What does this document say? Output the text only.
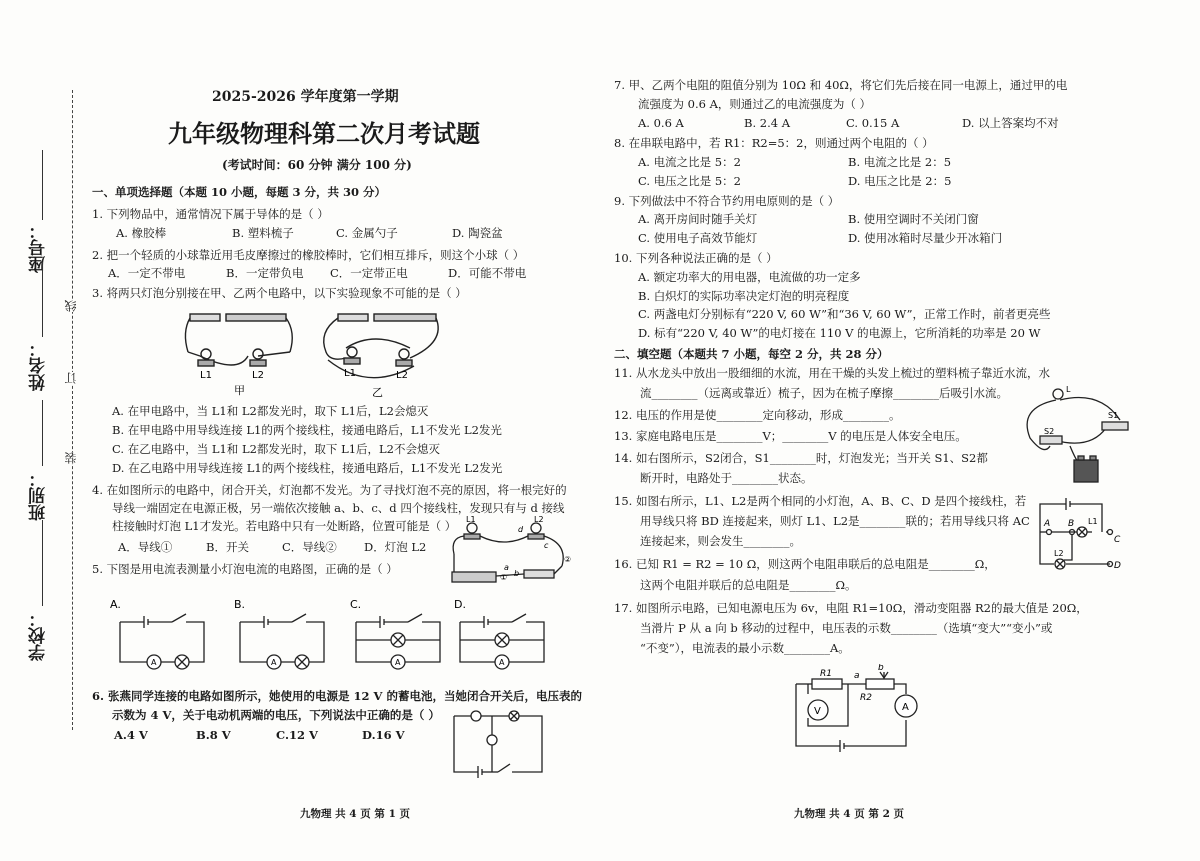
座号：
姓名：
班别：
学校：
线
订
装
2025-2026 学年度第一学期
九年级物理科第二次月考试题
(考试时间：60 分钟 满分 100 分)
一、单项选择题（本题 10 小题，每题 3 分，共 30 分）
1. 下列物品中，通常情况下属于导体的是（ ）
A. 橡胶棒	B. 塑料梳子	C. 金属勺子	D. 陶瓷盆
2. 把一个轻质的小球靠近用毛皮摩擦过的橡胶棒时，它们相互排斥，则这个小球（ ）
A．一定不带电	B．一定带负电 C．一定带正电	D．可能不带电
3. 将两只灯泡分别接在甲、乙两个电路中，以下实验现象不可能的是（ ）
L1	L2
甲
L1	L2
乙
A. 在甲电路中，当 L1和 L2都发光时，取下 L1后，L2会熄灭
B. 在甲电路中用导线连接 L1的两个接线柱，接通电路后，L1不发光 L2发光
C. 在乙电路中，当 L1和 L2都发光时，取下 L1后，L2不会熄灭
D. 在乙电路中用导线连接 L1的两个接线柱，接通电路后，L1不发光 L2发光
4. 在如图所示的电路中，闭合开关，灯泡都不发光。为了寻找灯泡不亮的原因，将一根完好的
导线一端固定在电源正极，另一端依次接触 a、b、c、d 四个接线柱，发现只有与 d 接线
柱接触时灯泡 L1才发光。若电路中只有一处断路，位置可能是（ ）
A．导线①	B．开关	C．导线② D．灯泡 L2
L1	L2
a
b
d
c
①
②
5. 下图是用电流表测量小灯泡电流的电路图，正确的是（ ）
A.	B.	C.	D.
A	A	A	A
6. 张燕同学连接的电路如图所示，她使用的电源是 12 V 的蓄电池，当她闭合开关后，电压表的
示数为 4 V，关于电动机两端的电压，下列说法中正确的是（ ）
A.4 V	B.8 V	C.12 V	D.16 V
九物理 共 4 页 第 1 页
7. 甲、乙两个电阻的阻值分别为 10Ω 和 40Ω，将它们先后接在同一电源上，通过甲的电
流强度为 0.6 A，则通过乙的电流强度为（ ）
A. 0.6 A	B. 2.4 A	C. 0.15 A	D. 以上答案均不对
8. 在串联电路中，若 R1：R2=5：2，则通过两个电阻的（ ）
A. 电流之比是 5：2	B. 电流之比是 2：5
C. 电压之比是 5：2	D. 电压之比是 2：5
9. 下列做法中不符合节约用电原则的是（ ）
A. 离开房间时随手关灯	B. 使用空调时不关闭门窗
C. 使用电子高效节能灯	D. 使用冰箱时尽量少开冰箱门
10. 下列各种说法正确的是（ ）
A. 额定功率大的用电器，电流做的功一定多
B. 白炽灯的实际功率决定灯泡的明亮程度
C. 两盏电灯分别标有“220 V, 60 W”和“36 V, 60 W”，正常工作时，前者更亮些
D. 标有“220 V, 40 W”的电灯接在 110 V 的电源上，它所消耗的功率是 20 W
二、填空题（本题共 7 小题，每空 2 分，共 28 分）
11. 从水龙头中放出一股细细的水流，用在干燥的头发上梳过的塑料梳子靠近水流，水
流________（远离或靠近）梳子，因为在梳子摩擦________后吸引水流。
12. 电压的作用是使________定向移动，形成________。
13. 家庭电路电压是________V；________V 的电压是人体安全电压。
14. 如右图所示，S2闭合，S1________时，灯泡发光；当开关 S1、S2都
断开时，电路处于________状态。
L
S1
S2
15. 如图右所示，L1、L2是两个相同的小灯泡，A、B、C、D 是四个接线柱，若
用导线只将 BD 连接起来，则灯 L1、L2是________联的；若用导线只将 AC
连接起来，则会发生________。
A B
C
D
L1
L2
16. 已知 R1 = R2 = 10 Ω，则这两个电阻串联后的总电阻是________Ω，
这两个电阻并联后的总电阻是________Ω。
17. 如图所示电路，已知电源电压为 6v，电阻 R1=10Ω，滑动变阻器 R2的最大值是 20Ω，
当滑片 P 从 a 向 b 移动的过程中，电压表的示数________（选填“变大”“变小”或
“不变”），电流表的最小示数________A。
R1
R2
a
b
V	A
九物理 共 4 页 第 2 页
